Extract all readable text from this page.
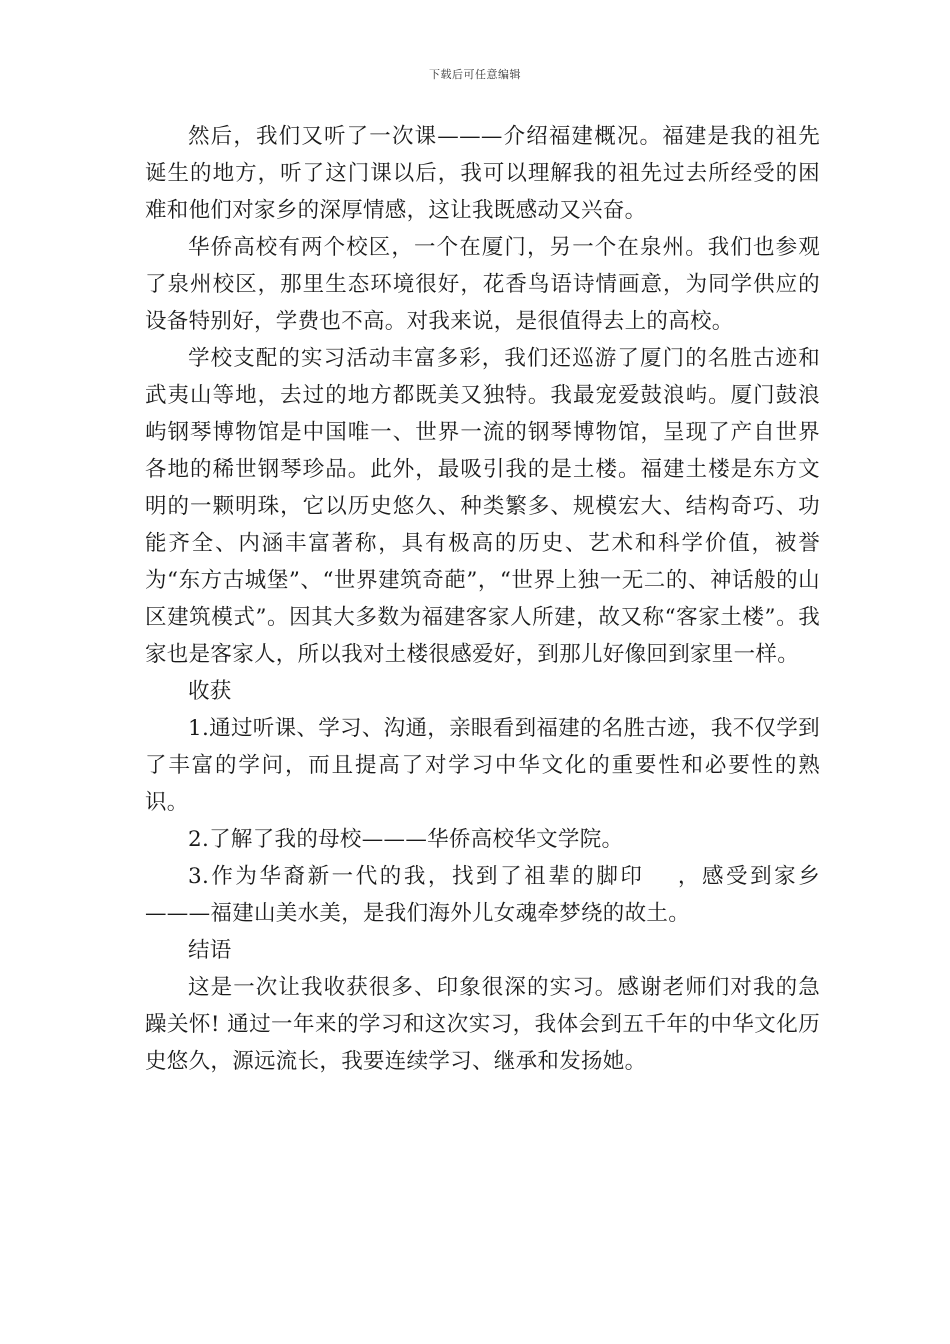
下载后可任意编辑

然后，我们又听了一次课———介绍福建概况。福建是我的祖先诞生的地方，听了这门课以后，我可以理解我的祖先过去所经受的困难和他们对家乡的深厚情感，这让我既感动又兴奋。

华侨高校有两个校区，一个在厦门，另一个在泉州。我们也参观了泉州校区，那里生态环境很好，花香鸟语诗情画意，为同学供应的设备特别好，学费也不高。对我来说，是很值得去上的高校。

学校支配的实习活动丰富多彩，我们还巡游了厦门的名胜古迹和武夷山等地，去过的地方都既美又独特。我最宠爱鼓浪屿。厦门鼓浪屿钢琴博物馆是中国唯一、世界一流的钢琴博物馆，呈现了产自世界各地的稀世钢琴珍品。此外，最吸引我的是土楼。福建土楼是东方文明的一颗明珠，它以历史悠久、种类繁多、规模宏大、结构奇巧、功能齐全、内涵丰富著称，具有极高的历史、艺术和科学价值，被誉为“东方古城堡”、“世界建筑奇葩”，“世界上独一无二的、神话般的山区建筑模式”。因其大多数为福建客家人所建，故又称“客家土楼”。我家也是客家人，所以我对土楼很感爱好，到那儿好像回到家里一样。

收获

1.通过听课、学习、沟通，亲眼看到福建的名胜古迹，我不仅学到了丰富的学问，而且提高了对学习中华文化的重要性和必要性的熟识。

2.了解了我的母校———华侨高校华文学院。

3.作为华裔新一代的我，找到了祖辈的脚印　 ，感受到家乡———福建山美水美，是我们海外儿女魂牵梦绕的故土。

结语

这是一次让我收获很多、印象很深的实习。感谢老师们对我的急躁关怀! 通过一年来的学习和这次实习，我体会到五千年的中华文化历史悠久，源远流长，我要连续学习、继承和发扬她。
